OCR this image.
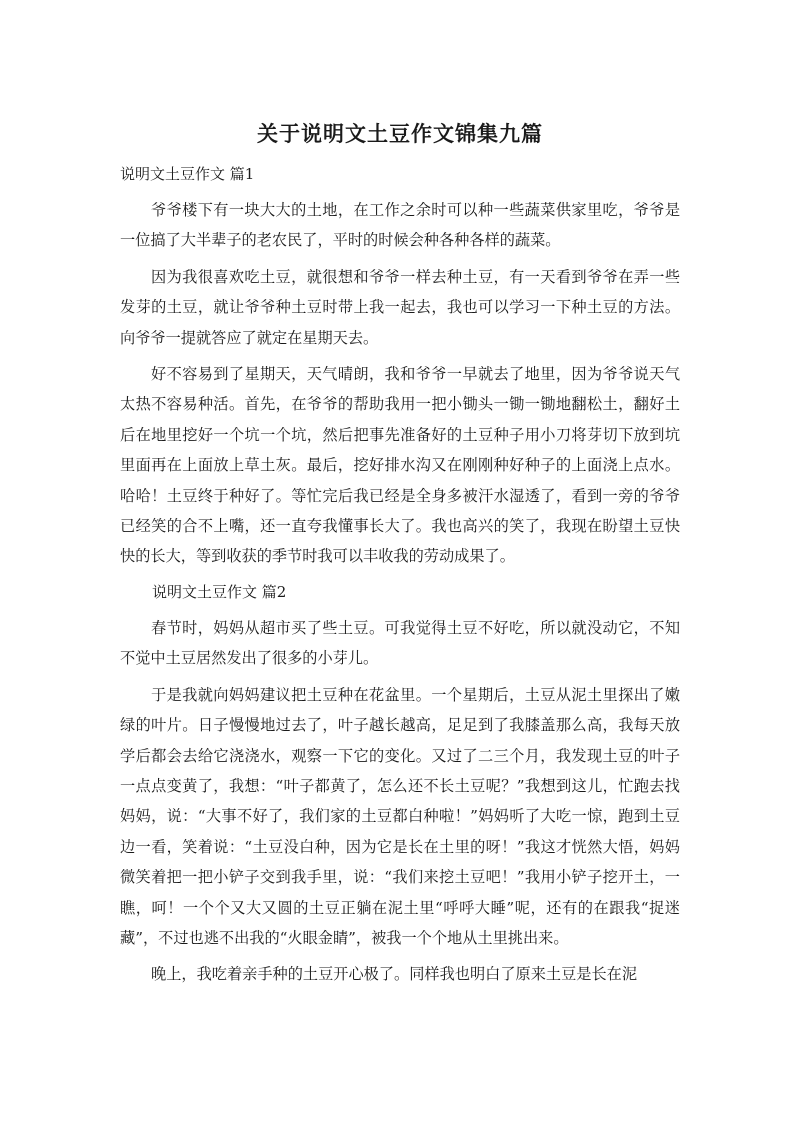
关于说明文土豆作文锦集九篇

说明文土豆作文 篇1

爷爷楼下有一块大大的土地，在工作之余时可以种一些蔬菜供家里吃，爷爷是一位搞了大半辈子的老农民了，平时的时候会种各种各样的蔬菜。

因为我很喜欢吃土豆，就很想和爷爷一样去种土豆，有一天看到爷爷在弄一些发芽的土豆，就让爷爷种土豆时带上我一起去，我也可以学习一下种土豆的方法。向爷爷一提就答应了就定在星期天去。

好不容易到了星期天，天气晴朗，我和爷爷一早就去了地里，因为爷爷说天气太热不容易种活。首先，在爷爷的帮助我用一把小锄头一锄一锄地翻松土，翻好土后在地里挖好一个坑一个坑，然后把事先准备好的土豆种子用小刀将芽切下放到坑里面再在上面放上草土灰。最后，挖好排水沟又在刚刚种好种子的上面浇上点水。哈哈！土豆终于种好了。等忙完后我已经是全身多被汗水湿透了，看到一旁的爷爷已经笑的合不上嘴，还一直夸我懂事长大了。我也高兴的笑了，我现在盼望土豆快快的长大，等到收获的季节时我可以丰收我的劳动成果了。

说明文土豆作文 篇2

春节时，妈妈从超市买了些土豆。可我觉得土豆不好吃，所以就没动它，不知不觉中土豆居然发出了很多的小芽儿。

于是我就向妈妈建议把土豆种在花盆里。一个星期后，土豆从泥土里探出了嫩绿的叶片。日子慢慢地过去了，叶子越长越高，足足到了我膝盖那么高，我每天放学后都会去给它浇浇水，观察一下它的变化。又过了二三个月，我发现土豆的叶子一点点变黄了，我想：“叶子都黄了，怎么还不长土豆呢？”我想到这儿，忙跑去找妈妈，说：“大事不好了，我们家的土豆都白种啦！”妈妈听了大吃一惊，跑到土豆边一看，笑着说：“土豆没白种，因为它是长在土里的呀！”我这才恍然大悟，妈妈微笑着把一把小铲子交到我手里，说：“我们来挖土豆吧！”我用小铲子挖开土，一瞧，呵！一个个又大又圆的土豆正躺在泥土里“呼呼大睡”呢，还有的在跟我“捉迷藏”，不过也逃不出我的“火眼金睛”，被我一个个地从土里挑出来。

晚上，我吃着亲手种的土豆开心极了。同样我也明白了原来土豆是长在泥
